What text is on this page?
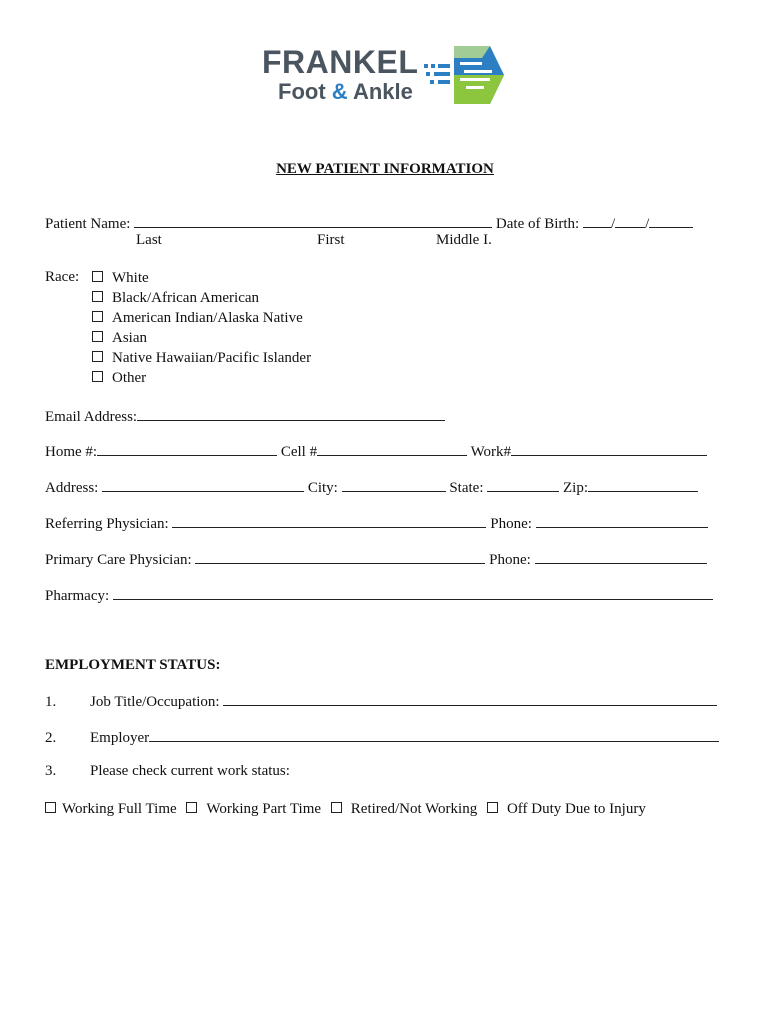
FRANKEL
Foot & Ankle
NEW PATIENT INFORMATION
Patient Name:	Date of Birth: / /
Last	First	Middle I.
Race:	White
Black/African American
American Indian/Alaska Native
Asian
Native Hawaiian/Pacific Islander
Other
Email Address:
Home #:	Cell #	Work#
Address:	City:	State:	Zip:
Referring Physician:	Phone:
Primary Care Physician:	Phone:
Pharmacy:
EMPLOYMENT STATUS:
1. Job Title/Occupation:
2. Employer
3. Please check current work status:
Working Full Time Working Part Time Retired/Not Working Off Duty Due to Injury
